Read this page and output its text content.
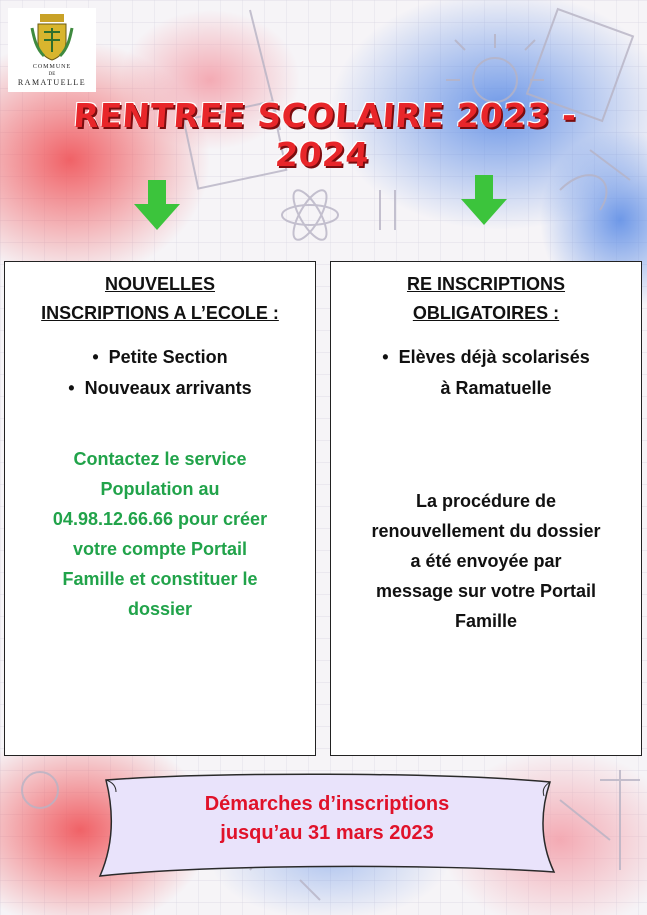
COMMUNE
DE
RAMATUELLE
RENTREE SCOLAIRE 2023 - 2024
NOUVELLES
INSCRIPTIONS A L’ECOLE :
• Petite Section
• Nouveaux arrivants
Contactez le service
Population au
04.98.12.66.66 pour créer
votre compte Portail
Famille et constituer le
dossier
RE INSCRIPTIONS
OBLIGATOIRES :
• Elèves déjà scolarisés
à Ramatuelle
La procédure de
renouvellement du dossier
a été envoyée par
message sur votre Portail
Famille
Démarches d’inscriptions
jusqu’au 31 mars 2023
